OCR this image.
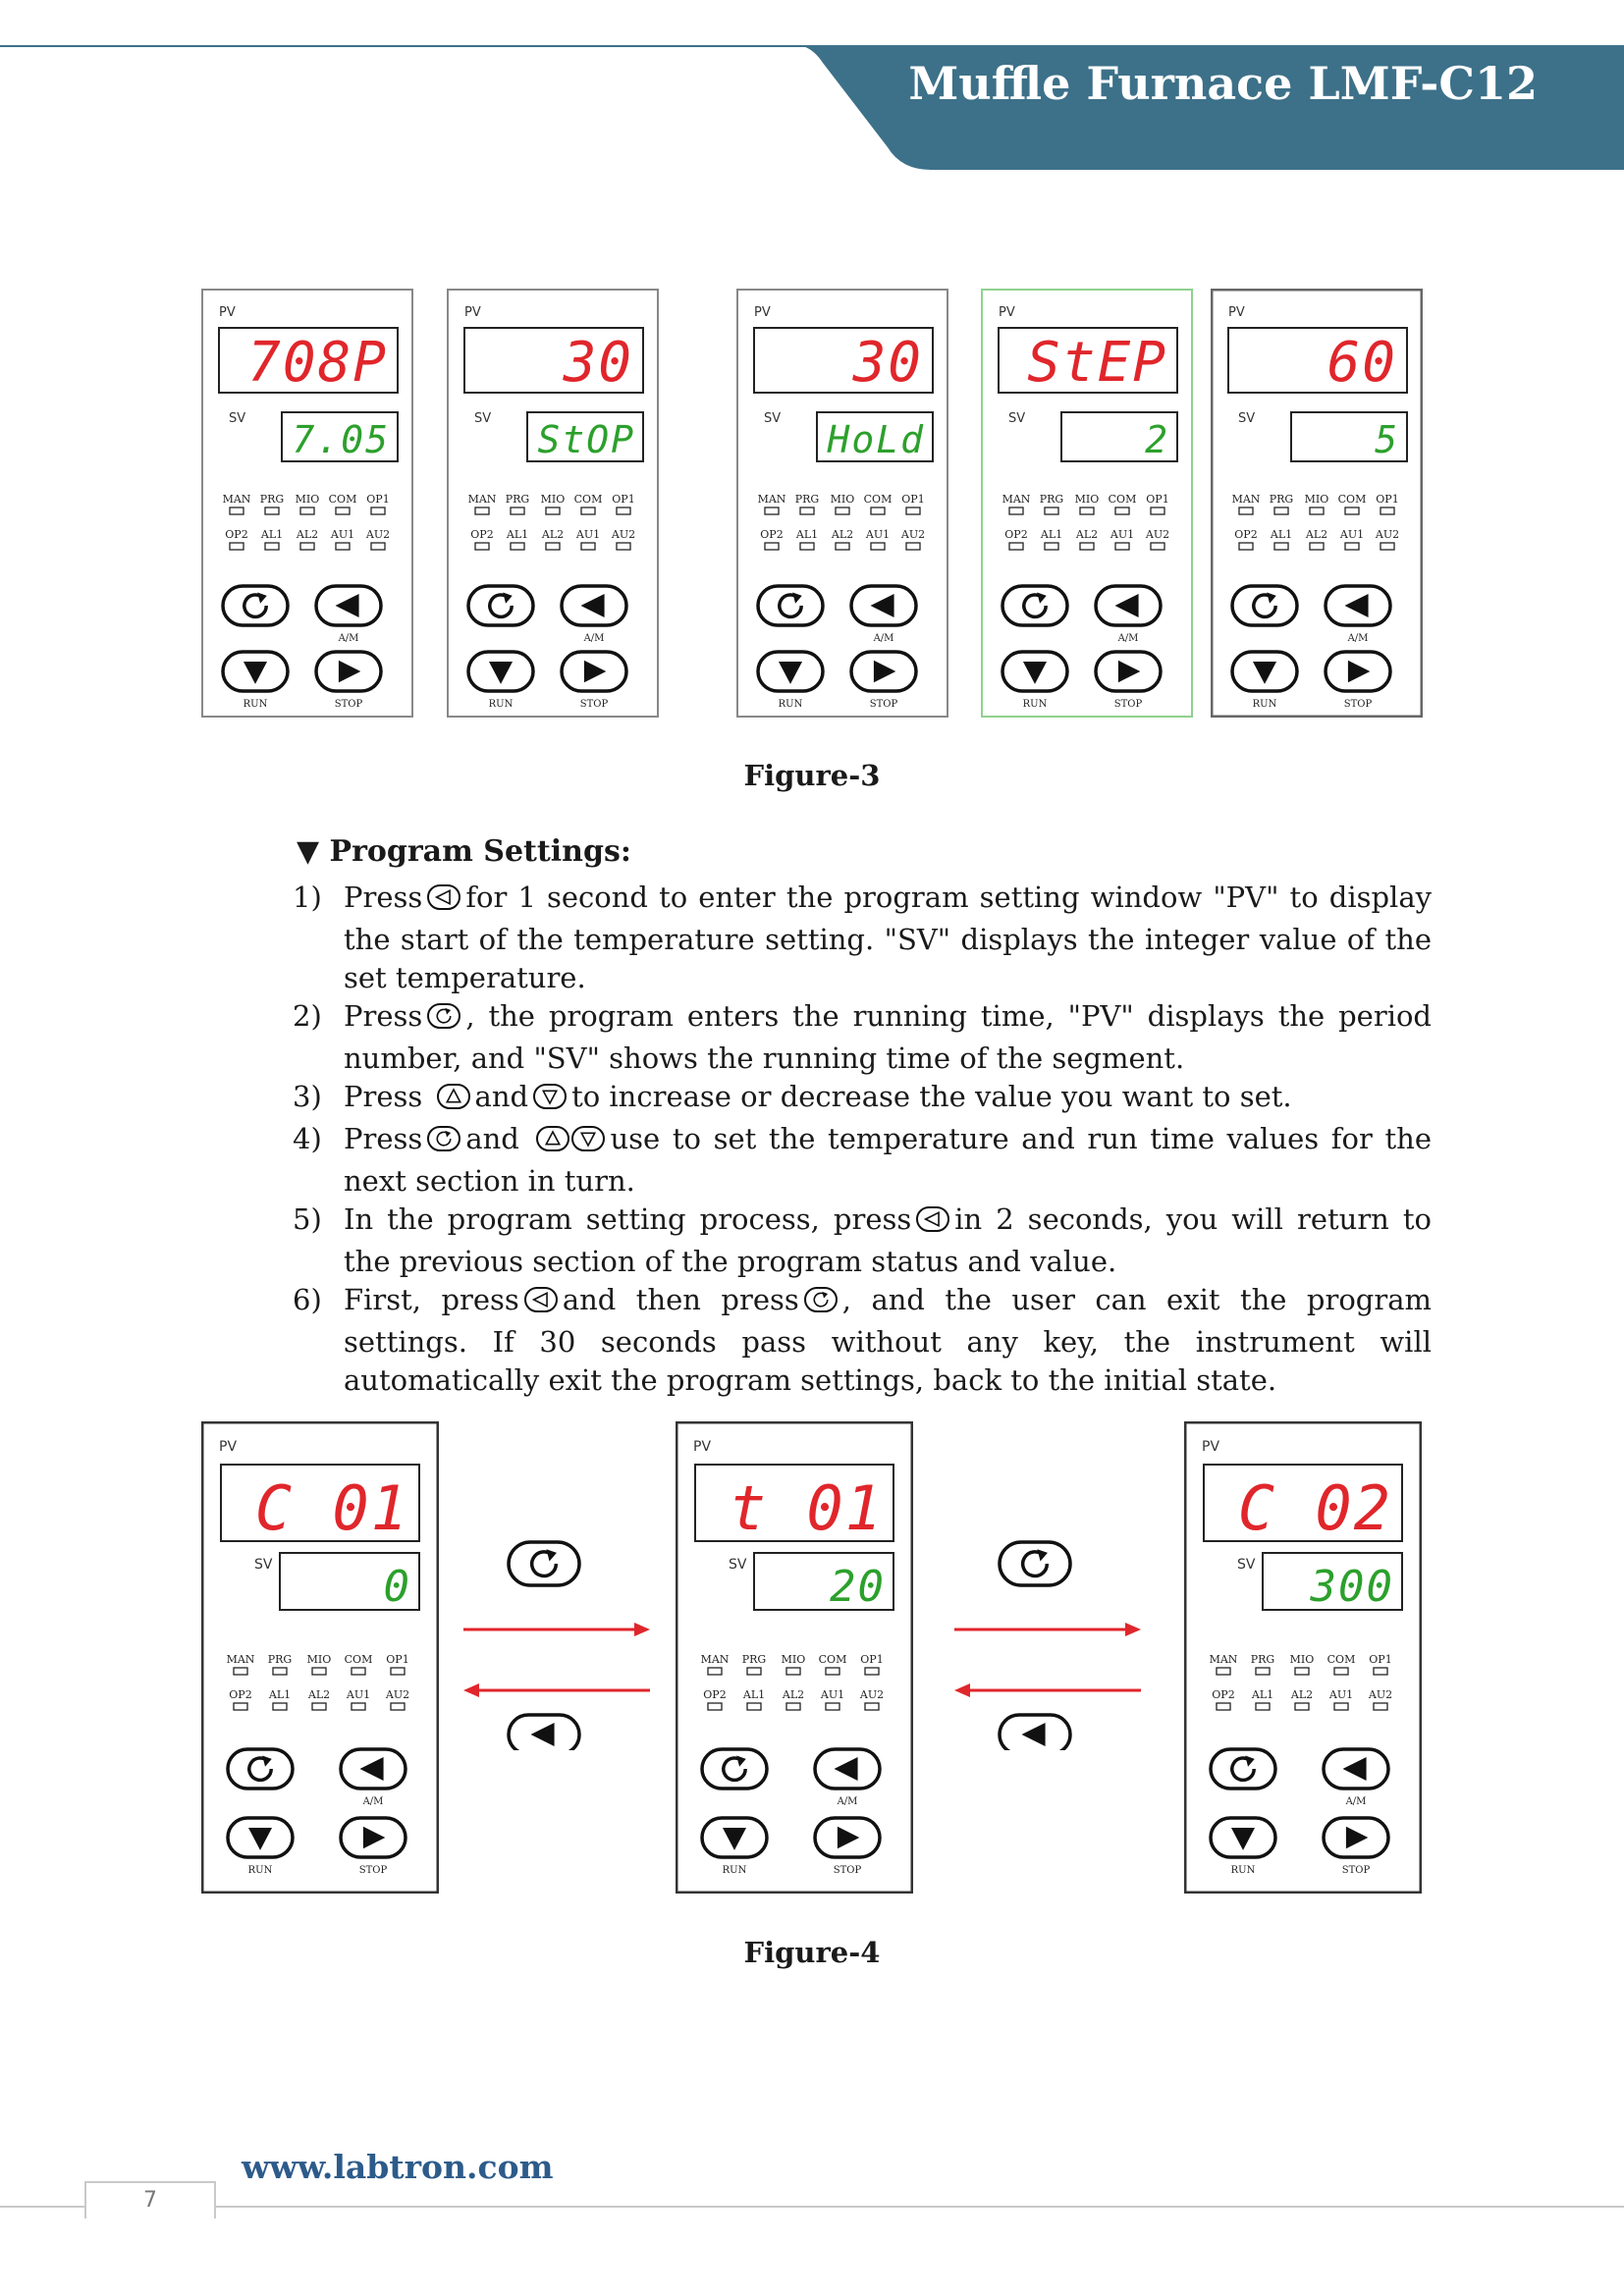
Muffle Furnace LMF-C12
PV
708P
SV 7.05
MAN PRG MIO COM OP1
OP2 AL1 AL2 AU1 AU2
A/M
RUN	STOP
PV
30
SV StOP
MAN PRG MIO COM OP1
OP2 AL1 AL2 AU1 AU2
A/M
RUN	STOP
PV
30
SV HoLd
MAN PRG MIO COM OP1
OP2 AL1 AL2 AU1 AU2
A/M
RUN	STOP
PV
StEP
SV	2
MAN PRG MIO COM OP1
OP2 AL1 AL2 AU1 AU2
A/M
RUN	STOP
PV
60
SV	5
MAN PRG MIO COM OP1
OP2 AL1 AL2 AU1 AU2
A/M
RUN	STOP
Figure-3
▼ Program Settings:
1) Press for 1 second to enter the program setting window "PV" to display the start of the temperature setting. "SV" displays the integer value of the set temperature.
2) Press , the program enters the running time, "PV" displays the period number, and "SV" shows the running time of the segment.
3) Press and to increase or decrease the value you want to set.
4) Press and	use to set the temperature and run time values for the next section in turn.
5) In the program setting process, press in 2 seconds, you will return to the previous section of the program status and value.
6) First, press and then press , and the user can exit the program settings. If 30 seconds pass without any key, the instrument will automatically exit the program settings, back to the initial state.
PV
C 01
SV	0
MAN PRG MIO COM OP1
OP2 AL1 AL2 AU1 AU2
A/M
RUN	STOP
PV
t 01
SV 20
MAN PRG MIO COM OP1
OP2 AL1 AL2 AU1 AU2
A/M
RUN	STOP
PV
C 02
SV 300
MAN PRG MIO COM OP1
OP2 AL1 AL2 AU1 AU2
A/M
RUN	STOP
Figure-4
www.labtron.com
7
